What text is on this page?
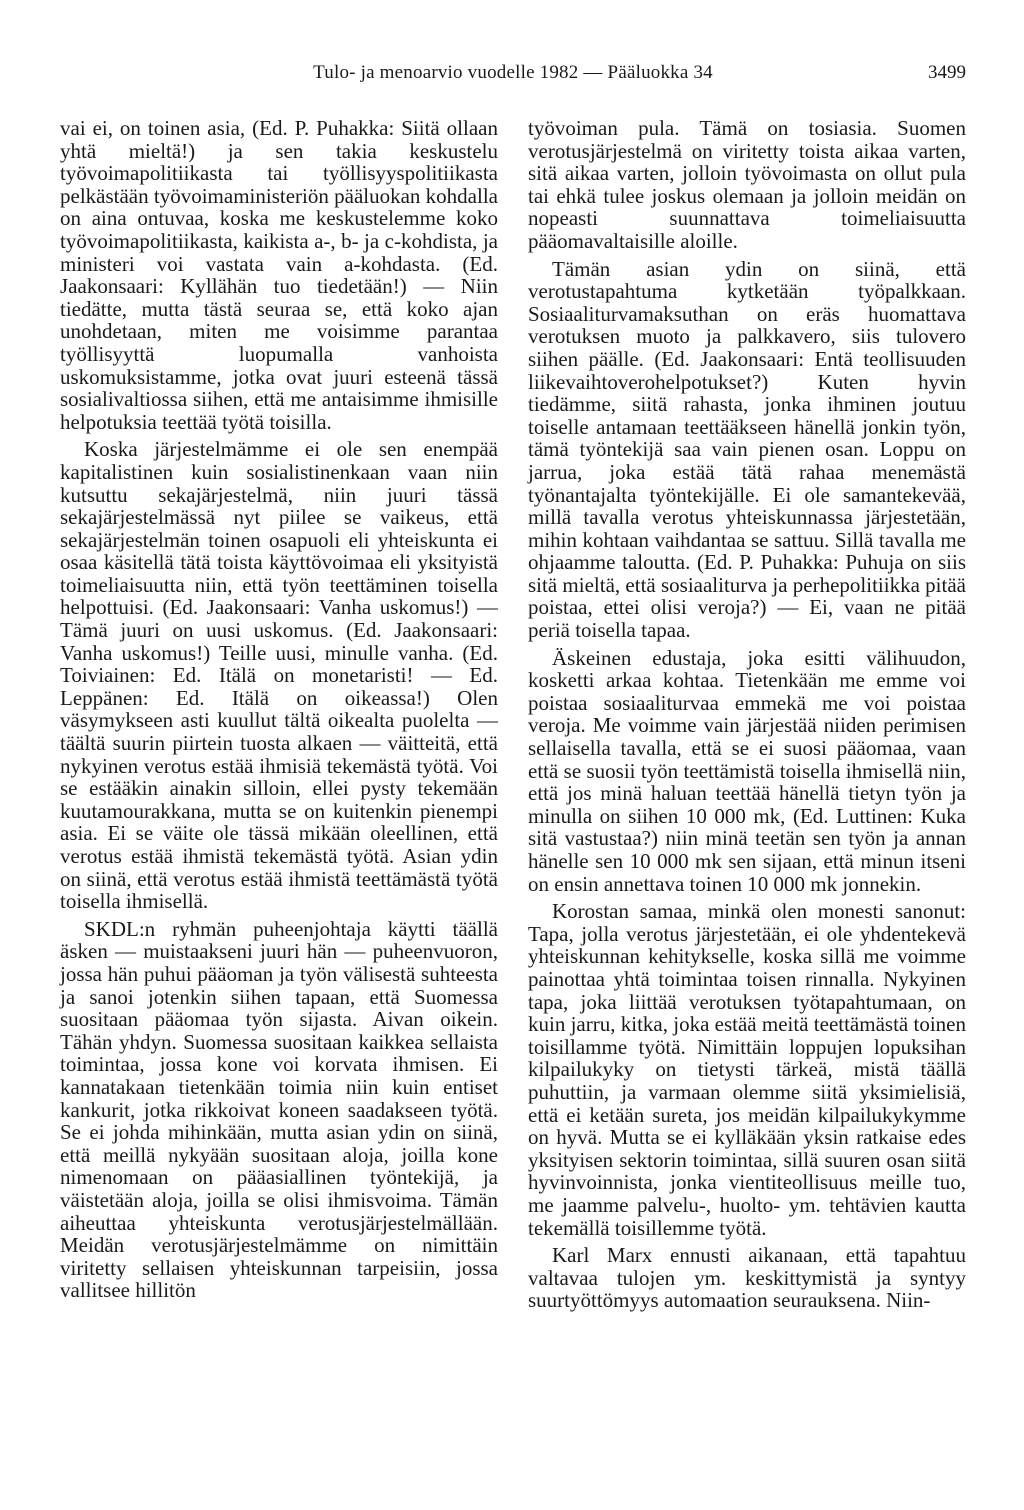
Tulo- ja menoarvio vuodelle 1982 — Pääluokka 34	3499

vai ei, on toinen asia, (Ed. P. Puhakka: Siitä ollaan yhtä mieltä!) ja sen takia keskustelu työvoimapolitiikasta tai työllisyyspolitiikasta pelkästään työvoimaministeriön pääluokan kohdalla on aina ontuvaa, koska me keskustelemme koko työvoimapolitiikasta, kaikista a-, b- ja c-kohdista, ja ministeri voi vastata vain a-kohdasta. (Ed. Jaakonsaari: Kyllähän tuo tiedetään!) — Niin tiedätte, mutta tästä seuraa se, että koko ajan unohdetaan, miten me voisimme parantaa työllisyyttä luopumalla vanhoista uskomuksistamme, jotka ovat juuri esteenä tässä sosialivaltiossa siihen, että me antaisimme ihmisille helpotuksia teettää työtä toisilla.

Koska järjestelmämme ei ole sen enempää kapitalistinen kuin sosialistinenkaan vaan niin kutsuttu sekajärjestelmä, niin juuri tässä sekajärjestelmässä nyt piilee se vaikeus, että sekajärjestelmän toinen osapuoli eli yhteiskunta ei osaa käsitellä tätä toista käyttövoimaa eli yksityistä toimeliaisuutta niin, että työn teettäminen toisella helpottuisi. (Ed. Jaakonsaari: Vanha uskomus!) — Tämä juuri on uusi uskomus. (Ed. Jaakonsaari: Vanha uskomus!) Teille uusi, minulle vanha. (Ed. Toiviainen: Ed. Itälä on monetaristi! — Ed. Leppänen: Ed. Itälä on oikeassa!) Olen väsymykseen asti kuullut tältä oikealta puolelta — täältä suurin piirtein tuosta alkaen — väitteitä, että nykyinen verotus estää ihmisiä tekemästä työtä. Voi se estääkin ainakin silloin, ellei pysty tekemään kuutamourakkana, mutta se on kuitenkin pienempi asia. Ei se väite ole tässä mikään oleellinen, että verotus estää ihmistä tekemästä työtä. Asian ydin on siinä, että verotus estää ihmistä teettämästä työtä toisella ihmisellä.

SKDL:n ryhmän puheenjohtaja käytti täällä äsken — muistaakseni juuri hän — puheenvuoron, jossa hän puhui pääoman ja työn välisestä suhteesta ja sanoi jotenkin siihen tapaan, että Suomessa suositaan pääomaa työn sijasta. Aivan oikein. Tähän yhdyn. Suomessa suositaan kaikkea sellaista toimintaa, jossa kone voi korvata ihmisen. Ei kannatakaan tietenkään toimia niin kuin entiset kankurit, jotka rikkoivat koneen saadakseen työtä. Se ei johda mihinkään, mutta asian ydin on siinä, että meillä nykyään suositaan aloja, joilla kone nimenomaan on pääasiallinen työntekijä, ja väistetään aloja, joilla se olisi ihmisvoima. Tämän aiheuttaa yhteiskunta verotusjärjestelmällään. Meidän verotusjärjestelmämme on nimittäin viritetty sellaisen yhteiskunnan tarpeisiin, jossa vallitsee hillitön

työvoiman pula. Tämä on tosiasia. Suomen verotusjärjestelmä on viritetty toista aikaa varten, sitä aikaa varten, jolloin työvoimasta on ollut pula tai ehkä tulee joskus olemaan ja jolloin meidän on nopeasti suunnattava toimeliaisuutta pääomavaltaisille aloille.

Tämän asian ydin on siinä, että verotustapahtuma kytketään työpalkkaan. Sosiaaliturvamaksuthan on eräs huomattava verotuksen muoto ja palkkavero, siis tulovero siihen päälle. (Ed. Jaakonsaari: Entä teollisuuden liikevaihtoverohelpotukset?) Kuten hyvin tiedämme, siitä rahasta, jonka ihminen joutuu toiselle antamaan teettääkseen hänellä jonkin työn, tämä työntekijä saa vain pienen osan. Loppu on jarrua, joka estää tätä rahaa menemästä työnantajalta työntekijälle. Ei ole samantekevää, millä tavalla verotus yhteiskunnassa järjestetään, mihin kohtaan vaihdantaa se sattuu. Sillä tavalla me ohjaamme taloutta. (Ed. P. Puhakka: Puhuja on siis sitä mieltä, että sosiaaliturva ja perhepolitiikka pitää poistaa, ettei olisi veroja?) — Ei, vaan ne pitää periä toisella tapaa.

Äskeinen edustaja, joka esitti välihuudon, kosketti arkaa kohtaa. Tietenkään me emme voi poistaa sosiaaliturvaa emmekä me voi poistaa veroja. Me voimme vain järjestää niiden perimisen sellaisella tavalla, että se ei suosi pääomaa, vaan että se suosii työn teettämistä toisella ihmisellä niin, että jos minä haluan teettää hänellä tietyn työn ja minulla on siihen 10 000 mk, (Ed. Luttinen: Kuka sitä vastustaa?) niin minä teetän sen työn ja annan hänelle sen 10 000 mk sen sijaan, että minun itseni on ensin annettava toinen 10 000 mk jonnekin.

Korostan samaa, minkä olen monesti sanonut: Tapa, jolla verotus järjestetään, ei ole yhdentekevä yhteiskunnan kehitykselle, koska sillä me voimme painottaa yhtä toimintaa toisen rinnalla. Nykyinen tapa, joka liittää verotuksen työtapahtumaan, on kuin jarru, kitka, joka estää meitä teettämästä toinen toisillamme työtä. Nimittäin loppujen lopuksihan kilpailukyky on tietysti tärkeä, mistä täällä puhuttiin, ja varmaan olemme siitä yksimielisiä, että ei ketään sureta, jos meidän kilpailukykymme on hyvä. Mutta se ei kylläkään yksin ratkaise edes yksityisen sektorin toimintaa, sillä suuren osan siitä hyvinvoinnista, jonka vientiteollisuus meille tuo, me jaamme palvelu-, huolto- ym. tehtävien kautta tekemällä toisillemme työtä.

Karl Marx ennusti aikanaan, että tapahtuu valtavaa tulojen ym. keskittymistä ja syntyy suurtyöttömyys automaation seurauksena. Niin-
